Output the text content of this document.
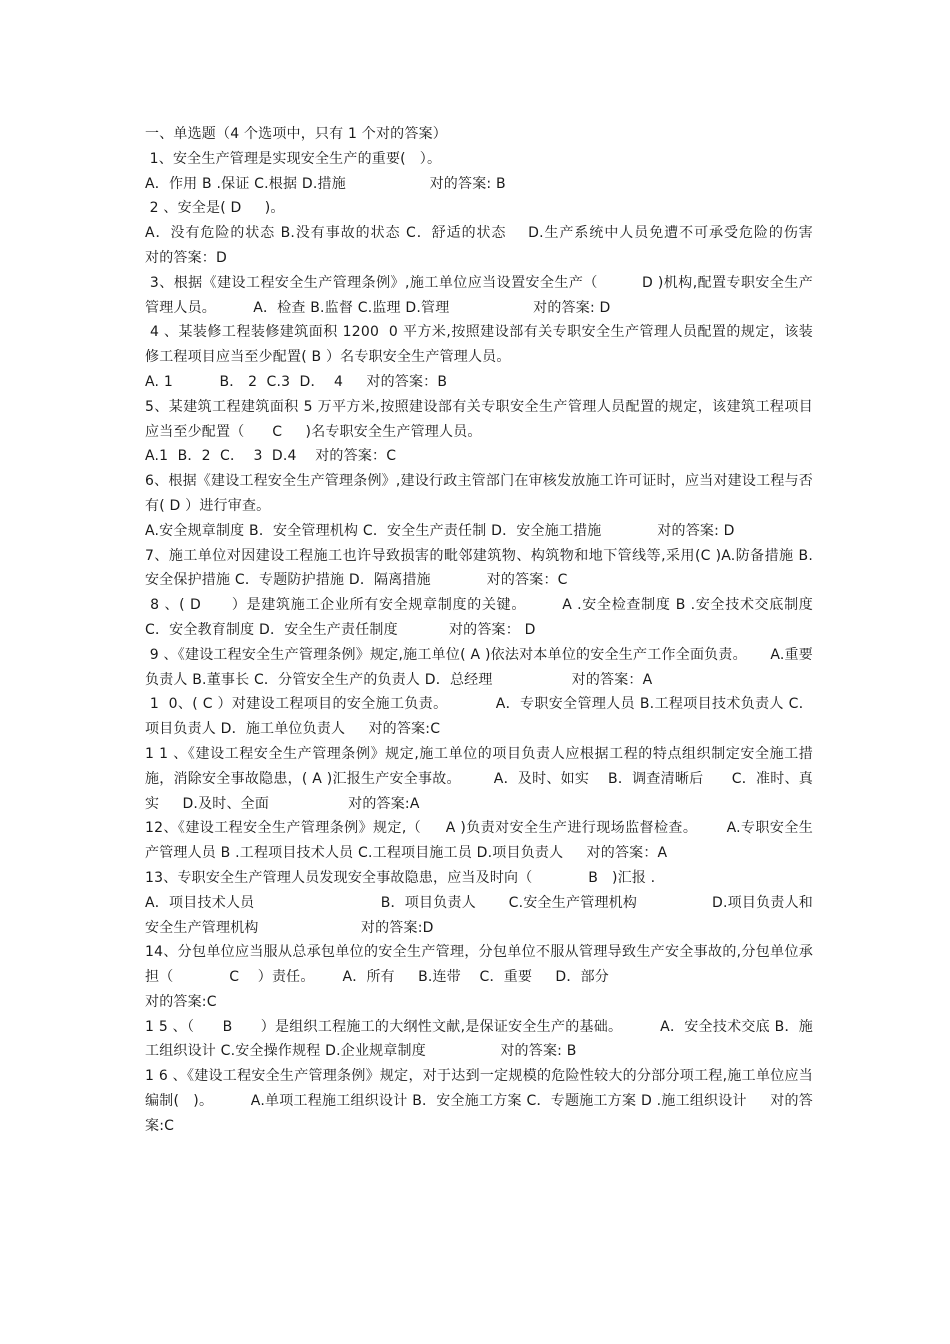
一、单选题（4 个选项中，只有 1 个对的答案）

1、安全生产管理是实现安全生产的重要(   ）。

A．作用 B .保证 C.根据 D.措施                  对的答案: B

2 、安全是( D     )。

A．没有危险的状态 B.没有事故的状态 C．舒适的状态    D.生产系统中人员免遭不可承受危险的伤害             对的答案：D

3、根据《建设工程安全生产管理条例》,施工单位应当设置安全生产（         D )机构,配置专职安全生产管理人员。        A．检查 B.监督 C.监理 D.管理                  对的答案: D

4 、某装修工程装修建筑面积 1200  0 平方米,按照建设部有关专职安全生产管理人员配置的规定，该装修工程项目应当至少配置( B ）名专职安全生产管理人员。

A. 1          B． 2  C.3  D．  4     对的答案：B

5、某建筑工程建筑面积 5 万平方米,按照建设部有关专职安全生产管理人员配置的规定，该建筑工程项目应当至少配置（      C     )名专职安全生产管理人员。

A.1  B．2  C．  3  D.4    对的答案：C

6、根据《建设工程安全生产管理条例》,建设行政主管部门在审核发放施工许可证时，应当对建设工程与否有( D ）进行审查。

A.安全规章制度 B．安全管理机构 C．安全生产责任制 D．安全施工措施            对的答案: D

7、施工单位对因建设工程施工也许导致损害的毗邻建筑物、构筑物和地下管线等,采用(C )A.防备措施 B.安全保护措施 C．专题防护措施 D．隔离措施            对的答案：C

8 、( D      ）是建筑施工企业所有安全规章制度的关键。       A .安全检查制度 B .安全技术交底制度 C．安全教育制度 D．安全生产责任制度           对的答案： D

9 、《建设工程安全生产管理条例》规定,施工单位( A )依法对本单位的安全生产工作全面负责。     A.重要负责人 B.董事长 C．分管安全生产的负责人 D．总经理                 对的答案：A

1  0、( C ）对建设工程项目的安全施工负责。          A．专职安全管理人员 B.工程项目技术负责人 C．项目负责人 D．施工单位负责人     对的答案:C

1 1 、《建设工程安全生产管理条例》规定,施工单位的项目负责人应根据工程的特点组织制定安全施工措施，消除安全事故隐患，( A )汇报生产安全事故。       A．及时、如实    B．调查清晰后      C．准时、真实     D.及时、全面                 对的答案:A

12、《建设工程安全生产管理条例》规定,（     A )负责对安全生产进行现场监督检查。      A.专职安全生产管理人员 B .工程项目技术人员 C.工程项目施工员 D.项目负责人     对的答案：A

13、专职安全生产管理人员发现安全事故隐患，应当及时向（            B   )汇报 .

A．项目技术人员                           B．项目负责人       C.安全生产管理机构                D.项目负责人和安全生产管理机构                      对的答案:D

14、分包单位应当服从总承包单位的安全生产管理，分包单位不服从管理导致生产安全事故的,分包单位承担（            C    ）责任。      A．所有     B.连带    C．重要     D．部分

对的答案:C

1 5 、（      B      ）是组织工程施工的大纲性文献,是保证安全生产的基础。        A．安全技术交底 B．施工组织设计 C.安全操作规程 D.企业规章制度                对的答案: B

1 6 、《建设工程安全生产管理条例》规定，对于达到一定规模的危险性较大的分部分项工程,施工单位应当编制(   )。        A.单项工程施工组织设计 B．安全施工方案 C．专题施工方案 D .施工组织设计     对的答案:C
